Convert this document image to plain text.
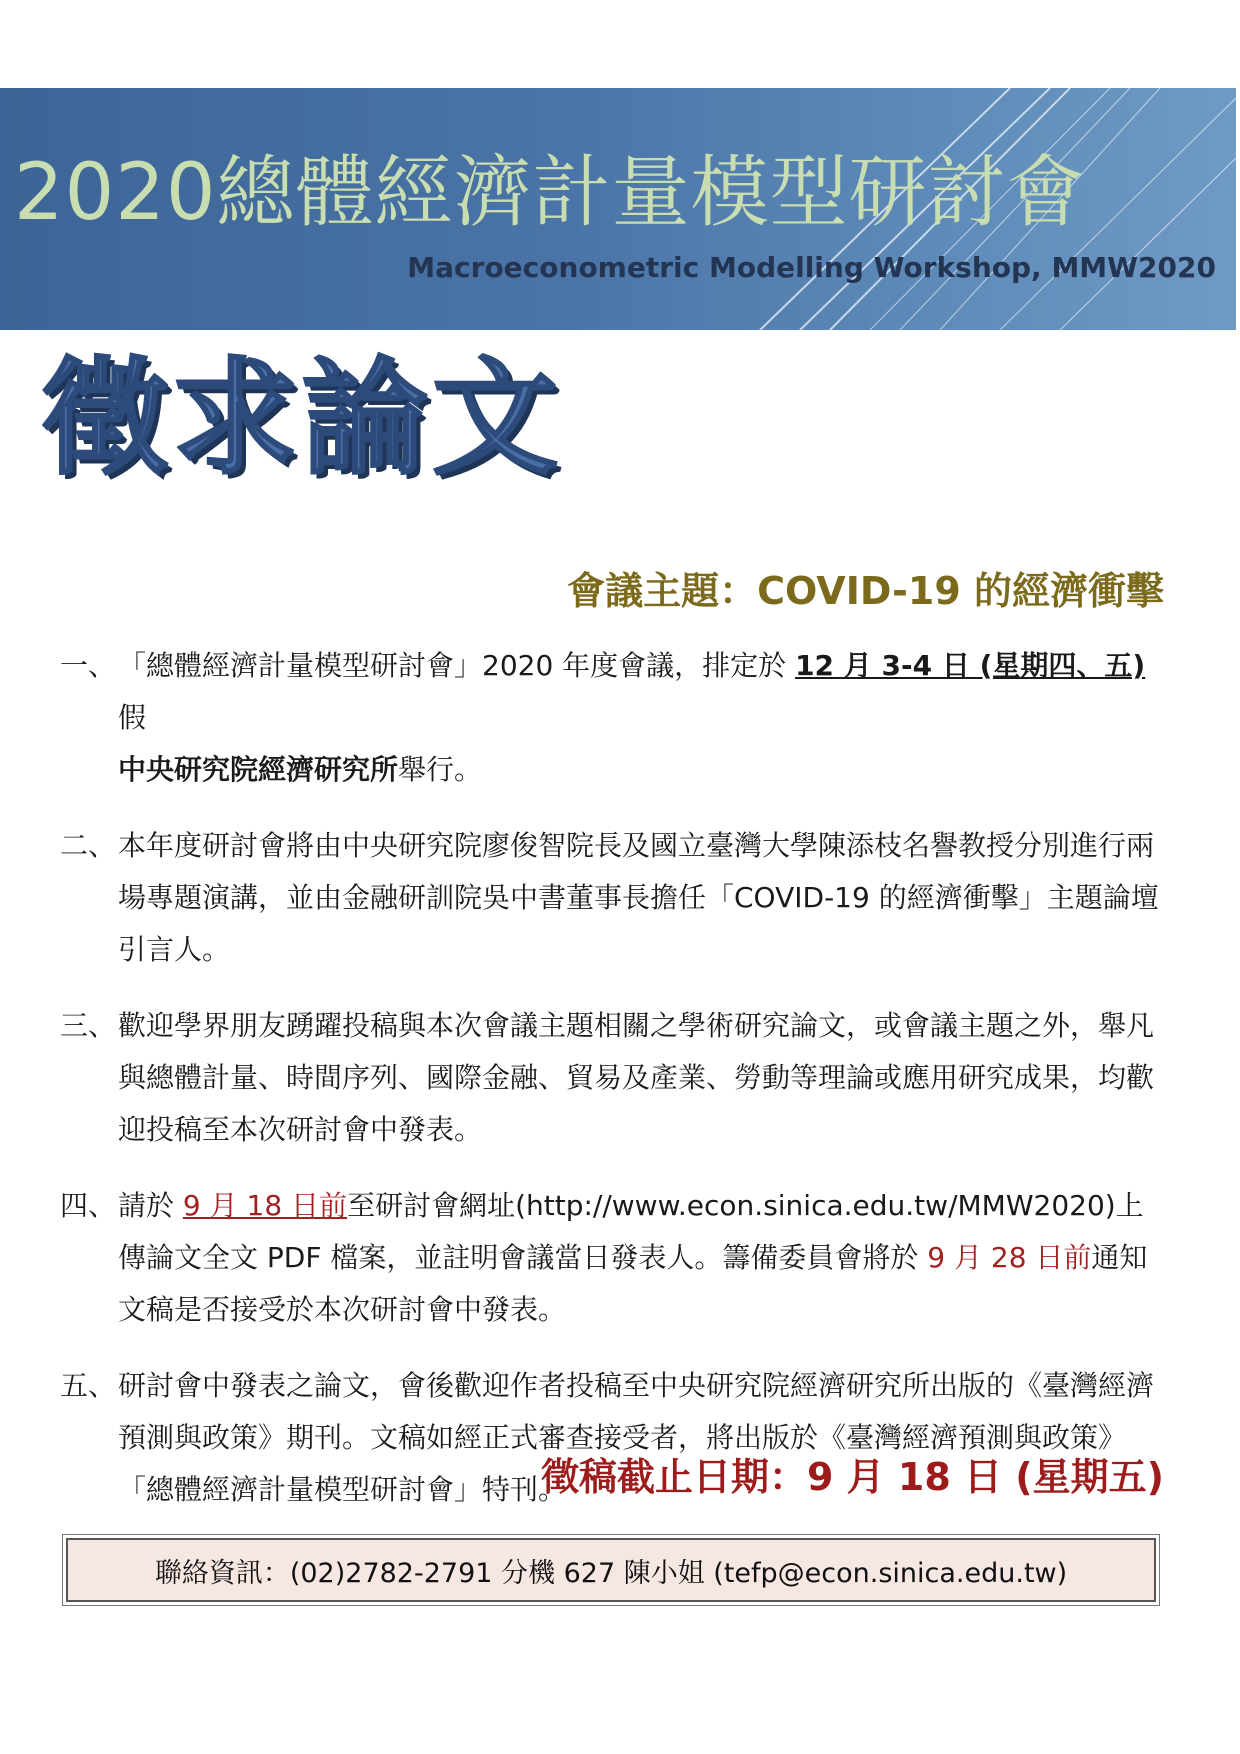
2020總體經濟計量模型研討會
Macroeconometric Modelling Workshop, MMW2020
徵求論文
會議主題：COVID-19 的經濟衝擊
一、 「總體經濟計量模型研討會」2020 年度會議，排定於 12 月 3-4 日 (星期四、五)假
中央研究院經濟研究所舉行。
二、 本年度研討會將由中央研究院廖俊智院長及國立臺灣大學陳添枝名譽教授分別進行兩場專題演講，並由金融研訓院吳中書董事長擔任「COVID-19 的經濟衝擊」主題論壇引言人。
三、 歡迎學界朋友踴躍投稿與本次會議主題相關之學術研究論文，或會議主題之外，舉凡與總體計量、時間序列、國際金融、貿易及產業、勞動等理論或應用研究成果，均歡迎投稿至本次研討會中發表。
四、 請於 9 月 18 日前至研討會網址(http://www.econ.sinica.edu.tw/MMW2020)上傳論文全文 PDF 檔案，並註明會議當日發表人。籌備委員會將於 9 月 28 日前通知文稿是否接受於本次研討會中發表。
五、 研討會中發表之論文，會後歡迎作者投稿至中央研究院經濟研究所出版的《臺灣經濟預測與政策》期刊。文稿如經正式審查接受者，將出版於《臺灣經濟預測與政策》「總體經濟計量模型研討會」特刊。
徵稿截止日期：9 月 18 日 (星期五)
聯絡資訊：(02)2782-2791 分機 627 陳小姐 (tefp@econ.sinica.edu.tw)
